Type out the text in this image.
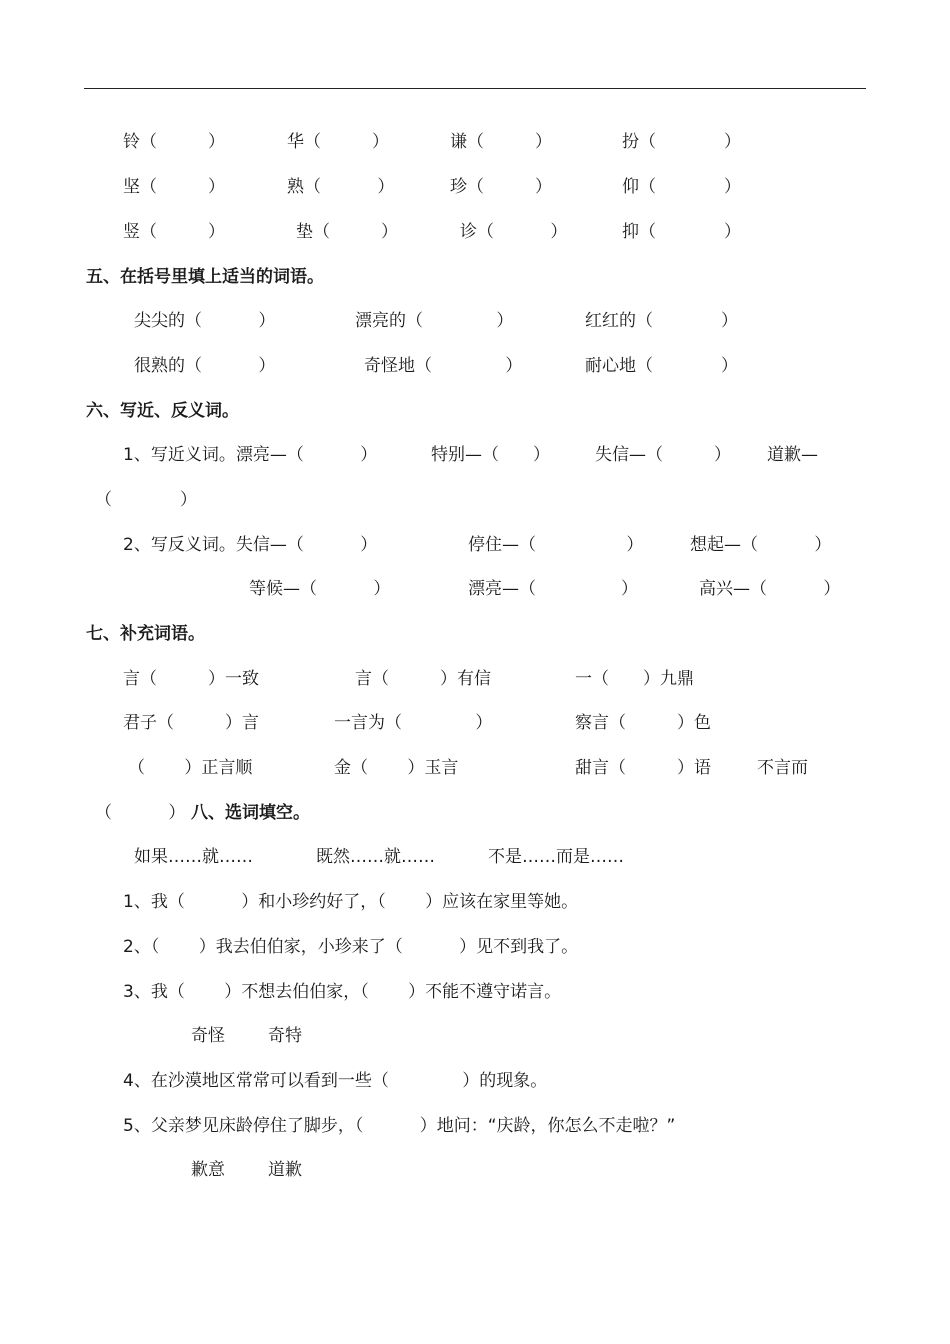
铃（　　　）	华（　　　）	谦（　　　）	扮（　　　　）
坚（　　　）	熟（　　　 ）	珍（　　　）	仰（　　　　）
竖（　　　）	垫（　　　）	诊（　　　 ）	抑（　　　　）
五、在括号里填上适当的词语。
尖尖的（　　　 ）	漂亮的（　　　　 ）	红红的（　　　　）
很熟的（　　　 ）	奇怪地（　　　　 ）	耐心地（　　　　）
六、写近、反义词。
1、写近义词。漂亮—（　　　 ）	特别—（　　）	失信—（　　　） 道歉—
（　　　　）
2、写反义词。失信—（　　　 ）	停住—（　　　　　 ）	想起—（　　　 ）
等候—（　　　 ）	漂亮—（　　　　　）	高兴—（　　　 ）
七、补充词语。
言（　　　）一致	言（　　　）有信	一（　　）九鼎
君子（　　　）言	一言为（　　　　 ）	察言（　　　）色
（　　 ）正言顺	金（　　 ）玉言	甜言（　　　）语	不言而
（　　　 ） 八、选词填空。
如果……就……	既然……就……	不是……而是……
1、我（　　　 ）和小珍约好了，（　　 ）应该在家里等她。
2、（　　 ）我去伯伯家，小珍来了（　　　 ）见不到我了。
3、我（　　 ）不想去伯伯家，（　　 ）不能不遵守诺言。
奇怪	奇特
4、在沙漠地区常常可以看到一些（　　　　 ）的现象。
5、父亲梦见床龄停住了脚步，（　　　 ）地问：“庆龄，你怎么不走啦？”
歉意	道歉
